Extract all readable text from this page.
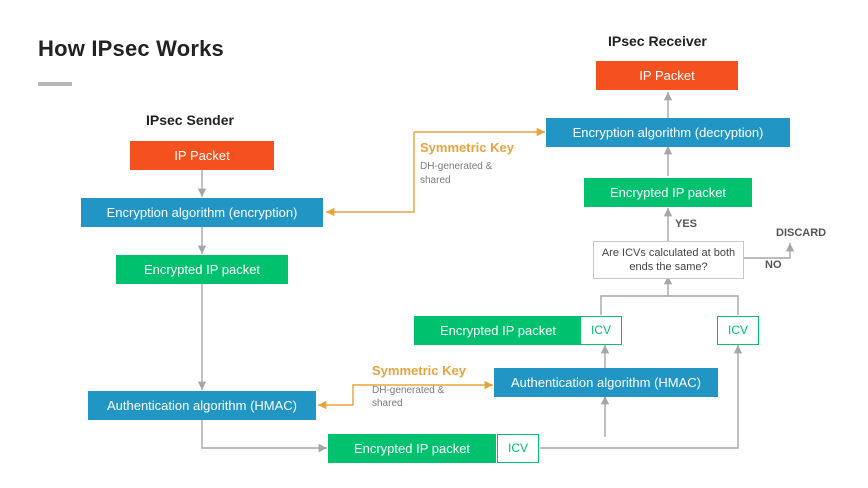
How IPsec Works
IPsec Sender
IPsec Receiver
IP Packet
Encryption algorithm (encryption)
Encrypted IP packet
Authentication algorithm (HMAC)
Encrypted IP packet	ICV
Symmetric Key
DH-generated &
shared
Symmetric Key
DH-generated &
shared
Authentication algorithm (HMAC)
Encrypted IP packet	ICV	ICV
Are ICVs calculated at both ends the same?
YES
NO
DISCARD
Encrypted IP packet
Encryption algorithm (decryption)
IP Packet
